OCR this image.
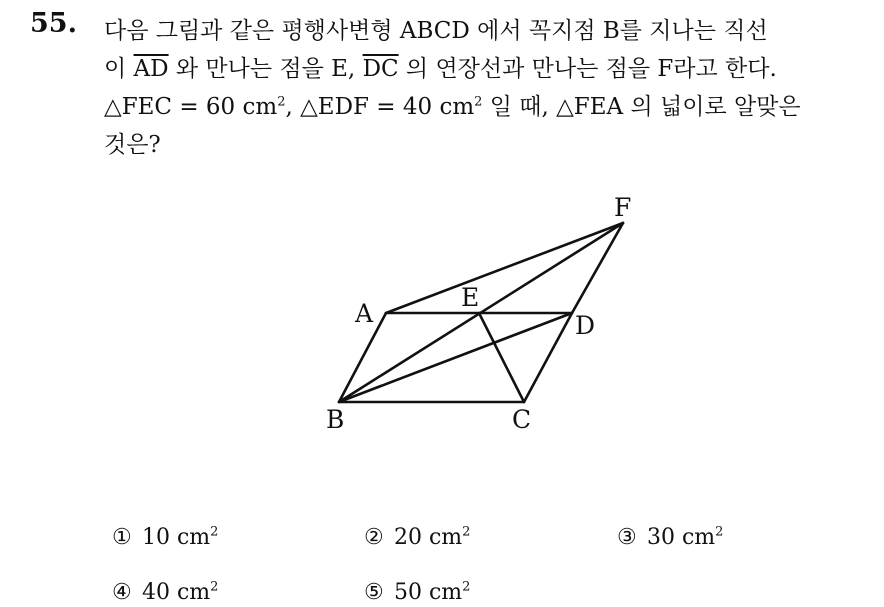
55. 다음 그림과 같은 평행사변형 ABCD 에서 꼭지점 B를 지나는 직선
이 $\overline{AD}$ 와 만나는 점을 E, $\overline{DC}$ 의 연장선과 만나는 점을 F라고 한다.
△FEC = 60 $cm^2$, △EDF = 40 $cm^2$ 일 때, △FEA 의 넓이로 알맞은
것은?
F
A
E
D
B	C
① 10 $cm^2$	② 20 $cm^2$	③ 30 $cm^2$
④ 40 $cm^2$	⑤ 50 $cm^2$
